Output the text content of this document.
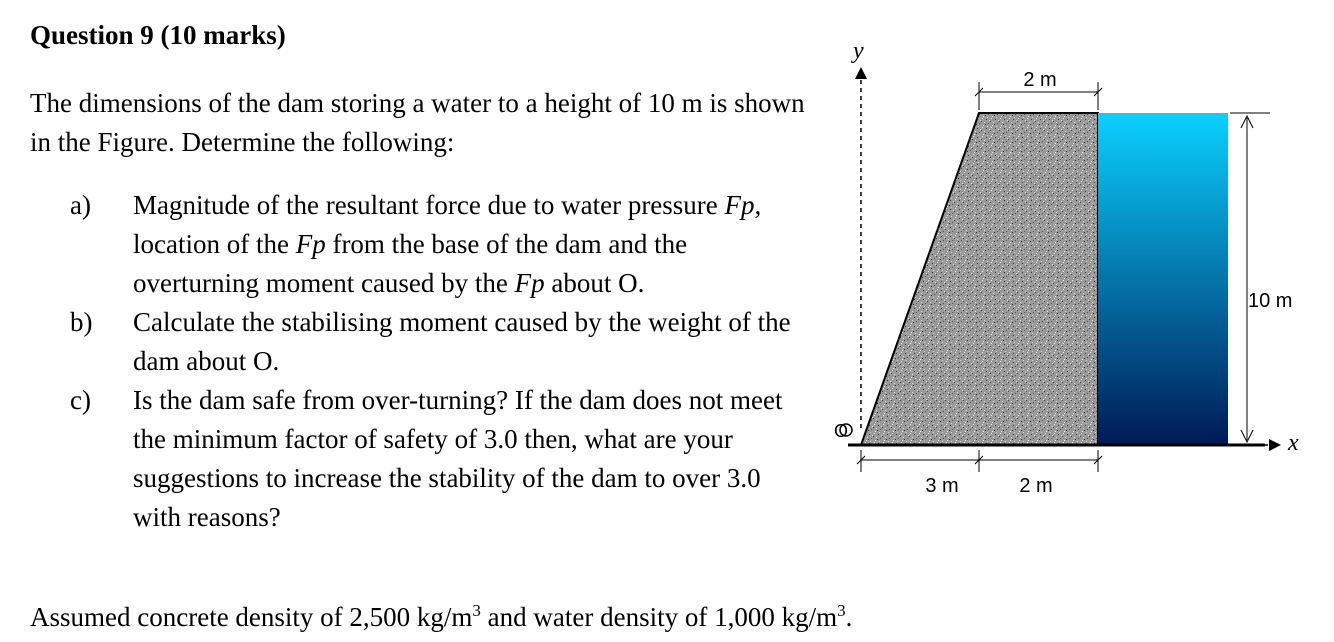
Question 9 (10 marks)
The dimensions of the dam storing a water to a height of 10 m is shown in the Figure. Determine the following:
a)	Magnitude of the resultant force due to water pressure Fp, location of the Fp from the base of the dam and the overturning moment caused by the Fp about O.
b)	Calculate the stabilising moment caused by the weight of the dam about O.
c)	Is the dam safe from over-turning? If the dam does not meet the minimum factor of safety of 3.0 then, what are your suggestions to increase the stability of the dam to over 3.0 with reasons?
y
O	x
2 m
10 m
3 m	2 m
Assumed concrete density of 2,500 $kg/m^3$ and water density of 1,000 $kg/m^3$.
